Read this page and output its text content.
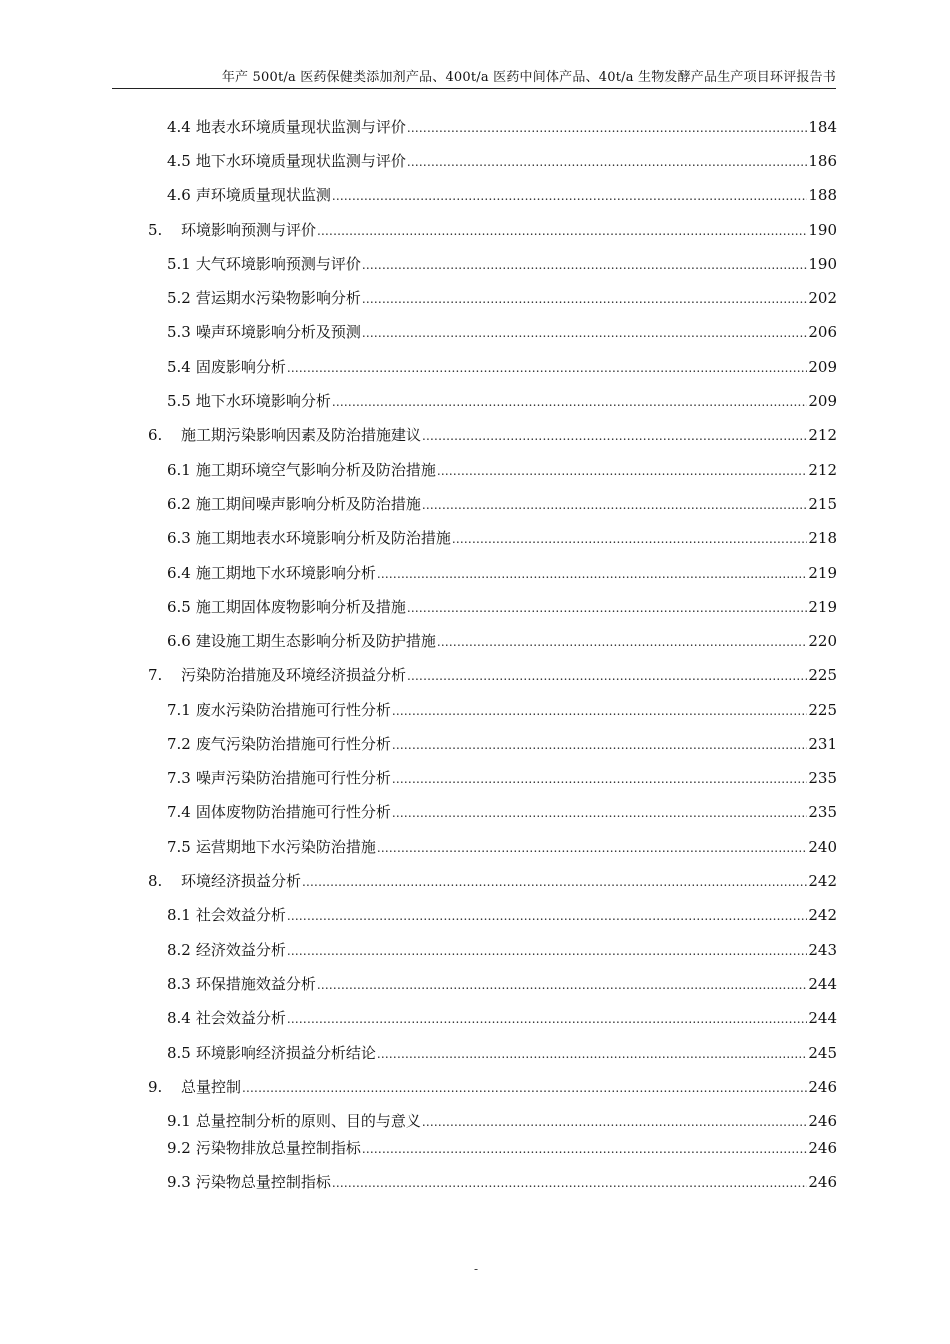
年产 500t/a 医药保健类添加剂产品、400t/a 医药中间体产品、40t/a 生物发酵产品生产项目环评报告书
4.4 地表水环境质量现状监测与评价 .....	184
4.5 地下水环境质量现状监测与评价 .....	186
4.6 声环境质量现状监测 .....	188
5.	环境影响预测与评价 .....	190
5.1 大气环境影响预测与评价 .....	190
5.2 营运期水污染物影响分析 .....	202
5.3 噪声环境影响分析及预测 .....	206
5.4 固废影响分析 .....	209
5.5 地下水环境影响分析 .....	209
6.	施工期污染影响因素及防治措施建议 .....	212
6.1 施工期环境空气影响分析及防治措施 .....	212
6.2 施工期间噪声影响分析及防治措施 .....	215
6.3 施工期地表水环境影响分析及防治措施 .....	218
6.4 施工期地下水环境影响分析 .....	219
6.5 施工期固体废物影响分析及措施 .....	219
6.6 建设施工期生态影响分析及防护措施 .....	220
7.	污染防治措施及环境经济损益分析 .....	225
7.1 废水污染防治措施可行性分析 .....	225
7.2 废气污染防治措施可行性分析 .....	231
7.3 噪声污染防治措施可行性分析 .....	235
7.4 固体废物防治措施可行性分析 .....	235
7.5 运营期地下水污染防治措施 .....	240
8.	环境经济损益分析 .....	242
8.1 社会效益分析 .....	242
8.2 经济效益分析 .....	243
8.3 环保措施效益分析 .....	244
8.4 社会效益分析 .....	244
8.5 环境影响经济损益分析结论 .....	245
9.	总量控制 .....	246
9.1 总量控制分析的原则、目的与意义 .....	246
9.2 污染物排放总量控制指标 .....	246
9.3 污染物总量控制指标 .....	246
-
